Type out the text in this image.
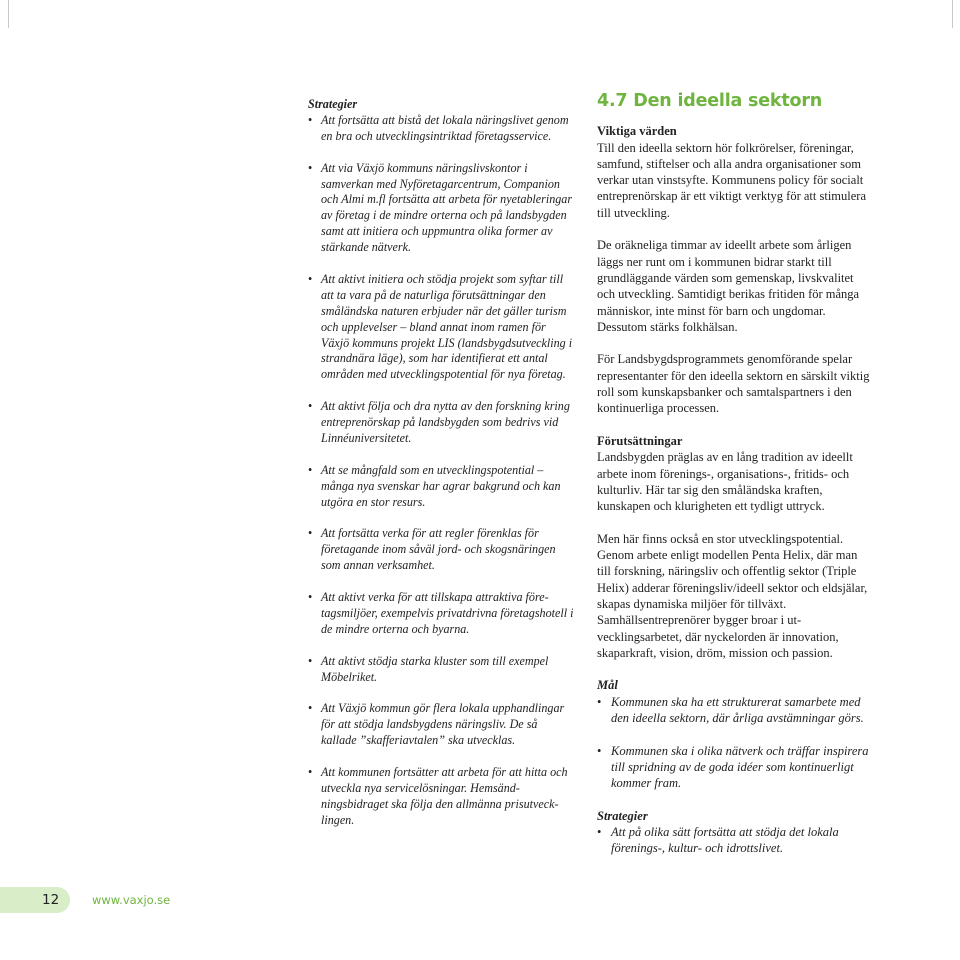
Strategier

• Att fortsätta att bistå det lokala näringslivet genom en bra och utvecklingsintriktad företagsservice.
• Att via Växjö kommuns näringslivskontor i samverkan med Nyföretagarcentrum, Companion och Almi m.fl fortsätta att arbeta för nyetableringar av företag i de mindre orterna och på landsbygden samt att initiera och uppmuntra olika former av stärkande nätverk.
• Att aktivt initiera och stödja projekt som syftar till att ta vara på de naturliga förutsättningar den småländska naturen erbjuder när det gäller turism och upplevelser – bland annat inom ramen för Växjö kommuns projekt LIS (landsbygdsutveckling i strandnära läge), som har identifierat ett antal områden med utvecklingspotential för nya företag.
• Att aktivt följa och dra nytta av den forskning kring entreprenörskap på landsbygden som bedrivs vid Linnéuniversitetet.
• Att se mångfald som en utvecklingspotential – många nya svenskar har agrar bakgrund och kan utgöra en stor resurs.
• Att fortsätta verka för att regler förenklas för företagande inom såväl jord- och skogsnäringen som annan verksamhet.
• Att aktivt verka för att tillskapa attraktiva företagsmiljöer, exempelvis privatdrivna företagshotell i de mindre orterna och byarna.
• Att aktivt stödja starka kluster som till exempel Möbelriket.
• Att Växjö kommun gör flera lokala upphandlingar för att stödja landsbygdens näringsliv. De så kallade ”skafferiavtalen” ska utvecklas.
• Att kommunen fortsätter att arbeta för att hitta och utveckla nya servicelösningar. Hemsändningsbidraget ska följa den allmänna prisutvecklingen.
4.7 Den ideella sektorn

Viktiga värden

Till den ideella sektorn hör folkrörelser, föreningar, samfund, stiftelser och alla andra organisationer som verkar utan vinstsyfte. Kommunens policy för socialt entreprenörskap är ett viktigt verktyg för att stimulera till utveckling.

De oräkneliga timmar av ideellt arbete som årligen läggs ner runt om i kommunen bidrar starkt till grundläggande värden som gemenskap, livskvalitet och utveckling. Samtidigt berikas fritiden för många människor, inte minst för barn och ungdomar. Dessutom stärks folkhälsan.

För Landsbygdsprogrammets genomförande spelar representanter för den ideella sektorn en särskilt viktig roll som kunskapsbanker och samtalspartners i den kontinuerliga processen.

Förutsättningar

Landsbygden präglas av en lång tradition av ideellt arbete inom förenings-, organisations-, fritids- och kulturliv. Här tar sig den småländska kraften, kunskapen och klurigheten ett tydligt uttryck.

Men här finns också en stor utvecklingspotential. Genom arbete enligt modellen Penta Helix, där man till forskning, näringsliv och offentlig sektor (Triple Helix) adderar föreningsliv/ideell sektor och eldsjälar, skapas dynamiska miljöer för tillväxt. Samhällsentreprenörer bygger broar i utvecklingsarbetet, där nyckelorden är innovation, skaparkraft, vision, dröm, mission och passion.

Mål

• Kommunen ska ha ett strukturerat samarbete med den ideella sektorn, där årliga avstämningar görs.
• Kommunen ska i olika nätverk och träffar inspirera till spridning av de goda idéer som kontinuerligt kommer fram.

Strategier

• Att på olika sätt fortsätta att stödja det lokala förenings-, kultur- och idrottslivet.
12	www.vaxjo.se
